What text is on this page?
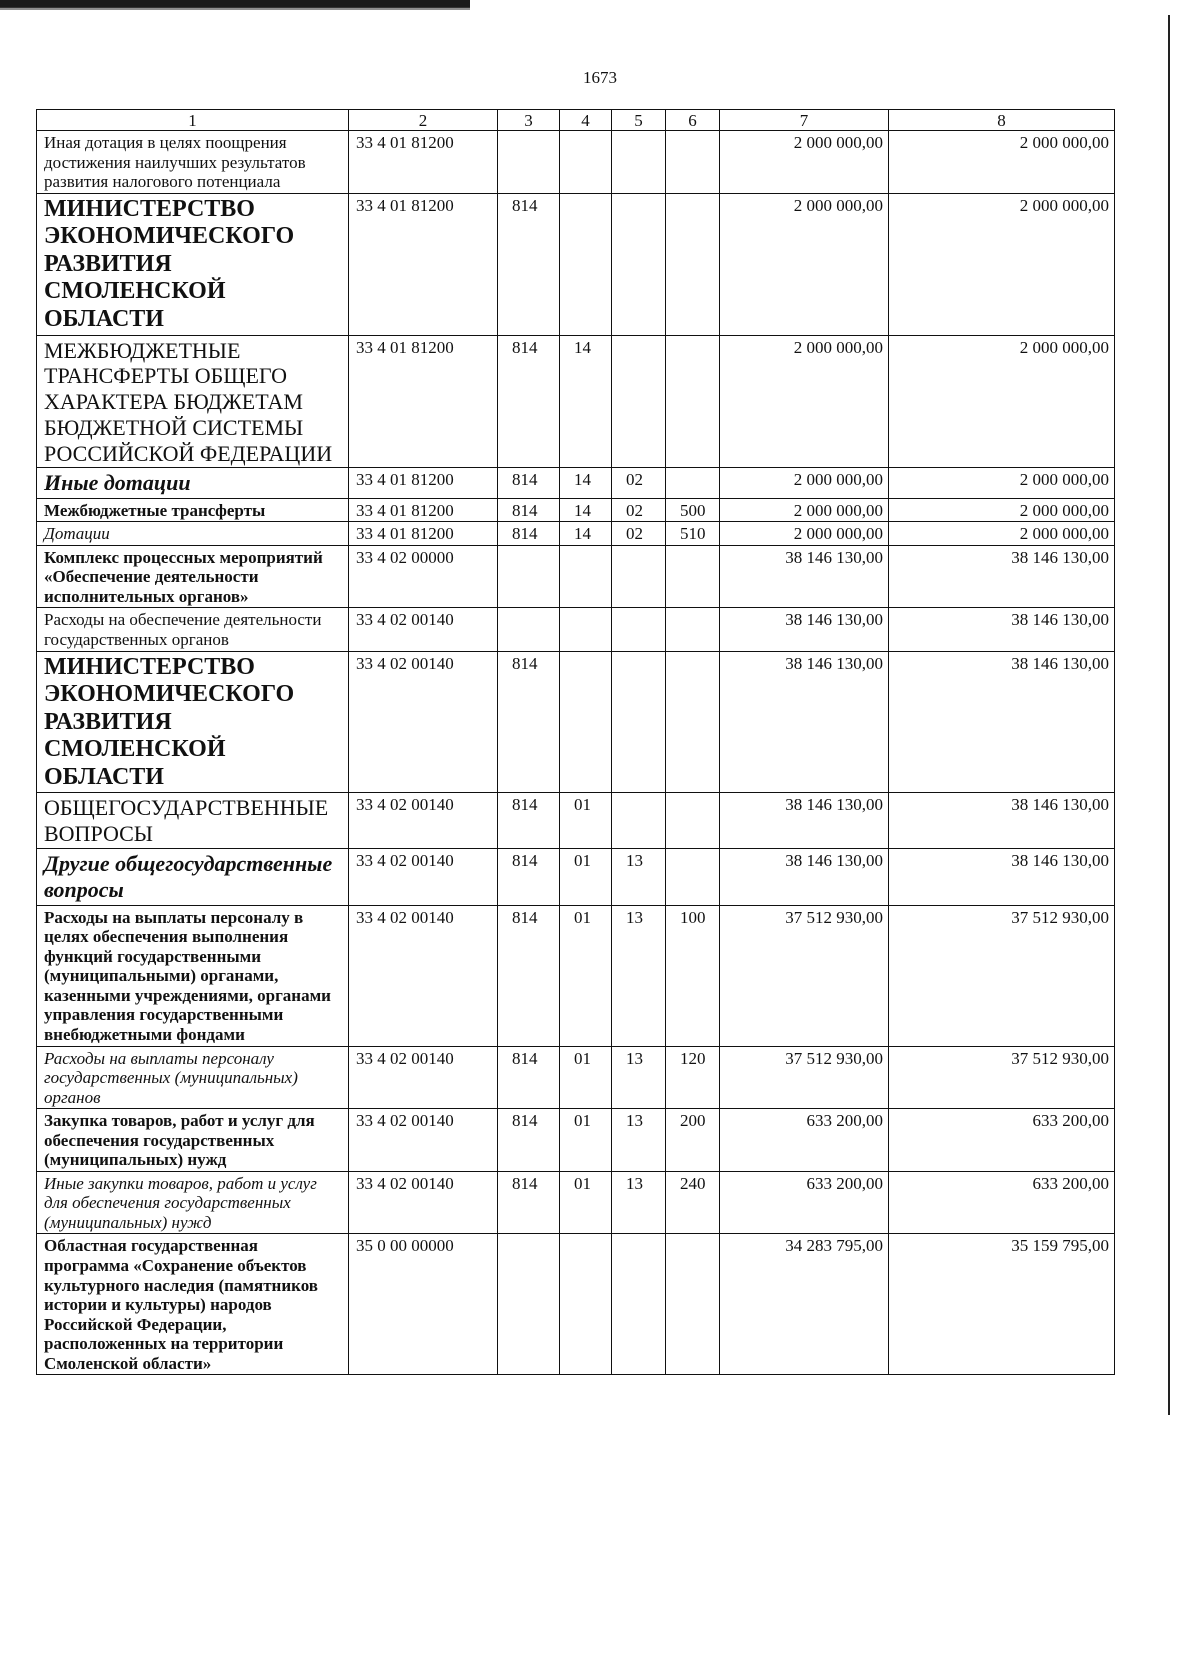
1673
1	2	3	4	5	6	7	8
Иная дотация в целях поощрения достижения наилучших результатов развития налогового потенциала	33 4 01 81200					2 000 000,00	2 000 000,00
МИНИСТЕРСТВО ЭКОНОМИЧЕСКОГО РАЗВИТИЯ СМОЛЕНСКОЙ ОБЛАСТИ	33 4 01 81200	814				2 000 000,00	2 000 000,00
МЕЖБЮДЖЕТНЫЕ ТРАНСФЕРТЫ ОБЩЕГО ХАРАКТЕРА БЮДЖЕТАМ БЮДЖЕТНОЙ СИСТЕМЫ РОССИЙСКОЙ ФЕДЕРАЦИИ	33 4 01 81200	814	14			2 000 000,00	2 000 000,00
Иные дотации	33 4 01 81200	814	14	02		2 000 000,00	2 000 000,00
Межбюджетные трансферты	33 4 01 81200	814	14	02	500	2 000 000,00	2 000 000,00
Дотации	33 4 01 81200	814	14	02	510	2 000 000,00	2 000 000,00
Комплекс процессных мероприятий «Обеспечение деятельности исполнительных органов»	33 4 02 00000					38 146 130,00	38 146 130,00
Расходы на обеспечение деятельности государственных органов	33 4 02 00140					38 146 130,00	38 146 130,00
МИНИСТЕРСТВО ЭКОНОМИЧЕСКОГО РАЗВИТИЯ СМОЛЕНСКОЙ ОБЛАСТИ	33 4 02 00140	814				38 146 130,00	38 146 130,00
ОБЩЕГОСУДАРСТВЕННЫЕ ВОПРОСЫ	33 4 02 00140	814	01			38 146 130,00	38 146 130,00
Другие общегосударственные вопросы	33 4 02 00140	814	01	13		38 146 130,00	38 146 130,00
Расходы на выплаты персоналу в целях обеспечения выполнения функций государственными (муниципальными) органами, казенными учреждениями, органами управления государственными внебюджетными фондами	33 4 02 00140	814	01	13	100	37 512 930,00	37 512 930,00
Расходы на выплаты персоналу государственных (муниципальных) органов	33 4 02 00140	814	01	13	120	37 512 930,00	37 512 930,00
Закупка товаров, работ и услуг для обеспечения государственных (муниципальных) нужд	33 4 02 00140	814	01	13	200	633 200,00	633 200,00
Иные закупки товаров, работ и услуг для обеспечения государственных (муниципальных) нужд	33 4 02 00140	814	01	13	240	633 200,00	633 200,00
Областная государственная программа «Сохранение объектов культурного наследия (памятников истории и культуры) народов Российской Федерации, расположенных на территории Смоленской области»	35 0 00 00000					34 283 795,00	35 159 795,00
